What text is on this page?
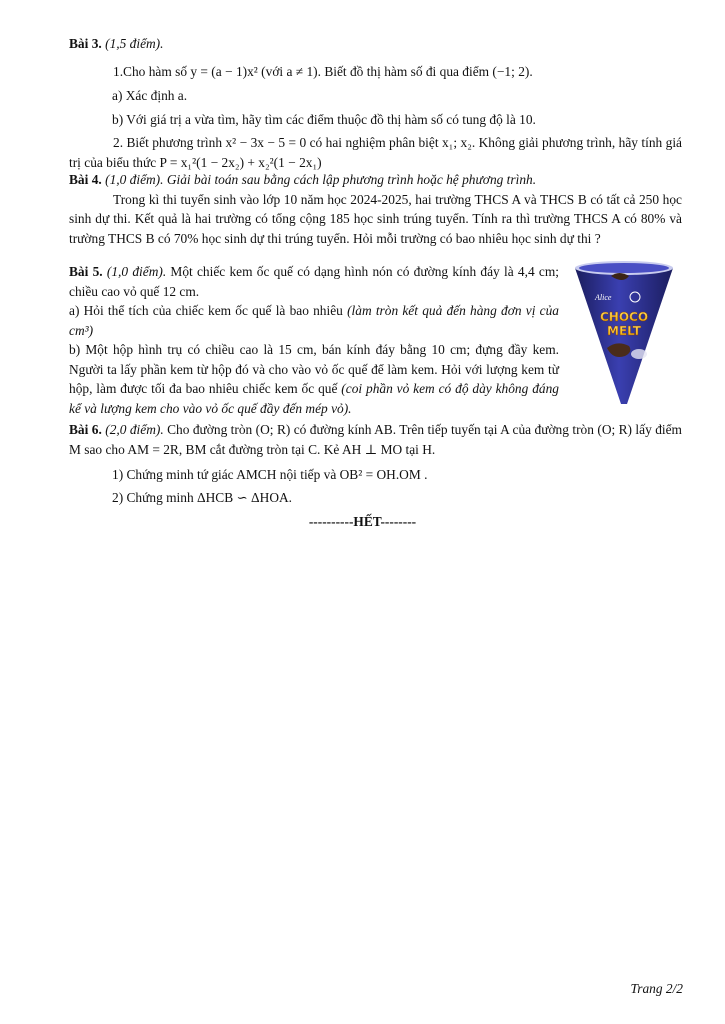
Bài 3. (1,5 điểm).

1.Cho hàm số y = (a − 1)x² (với a ≠ 1). Biết đồ thị hàm số đi qua điểm (−1; 2).

a) Xác định a.

b) Với giá trị a vừa tìm, hãy tìm các điểm thuộc đồ thị hàm số có tung độ là 10.

2. Biết phương trình x² − 3x − 5 = 0 có hai nghiệm phân biệt x₁; x₂. Không giải phương trình, hãy tính giá trị của biểu thức P = x₁²(1 − 2x₂) + x₂²(1 − 2x₁)

Bài 4. (1,0 điểm). Giải bài toán sau bằng cách lập phương trình hoặc hệ phương trình.

Trong kì thi tuyển sinh vào lớp 10 năm học 2024-2025, hai trường THCS A và THCS B có tất cả 250 học sinh dự thi. Kết quả là hai trường có tổng cộng 185 học sinh trúng tuyển. Tính ra thì trường THCS A có 80% và trường THCS B có 70% học sinh dự thi trúng tuyển. Hỏi mỗi trường có bao nhiêu học sinh dự thi ?

Bài 5. (1,0 điểm). Một chiếc kem ốc quế có dạng hình nón có đường kính đáy là 4,4 cm; chiều cao vỏ quế 12 cm.

a) Hỏi thể tích của chiếc kem ốc quế là bao nhiêu (làm tròn kết quả đến hàng đơn vị của cm³)

b) Một hộp hình trụ có chiều cao là 15 cm, bán kính đáy bằng 10 cm; đựng đầy kem. Người ta lấy phần kem từ hộp đó và cho vào vỏ ốc quế để làm kem. Hỏi với lượng kem từ hộp, làm được tối đa bao nhiêu chiếc kem ốc quế (coi phần vỏ kem có độ dày không đáng kể và lượng kem cho vào vỏ ốc quế đầy đến mép vỏ).

Alice
CHOCO
MELT

Bài 6. (2,0 điểm). Cho đường tròn (O; R) có đường kính AB. Trên tiếp tuyến tại A của đường tròn (O; R) lấy điểm M sao cho AM = 2R, BM cắt đường tròn tại C. Kẻ AH ⊥ MO tại H.

1) Chứng minh tứ giác AMCH nội tiếp và OB² = OH.OM .

2) Chứng minh ΔHCB ∽ ΔHOA.

----------HẾT--------
Trang 2/2
